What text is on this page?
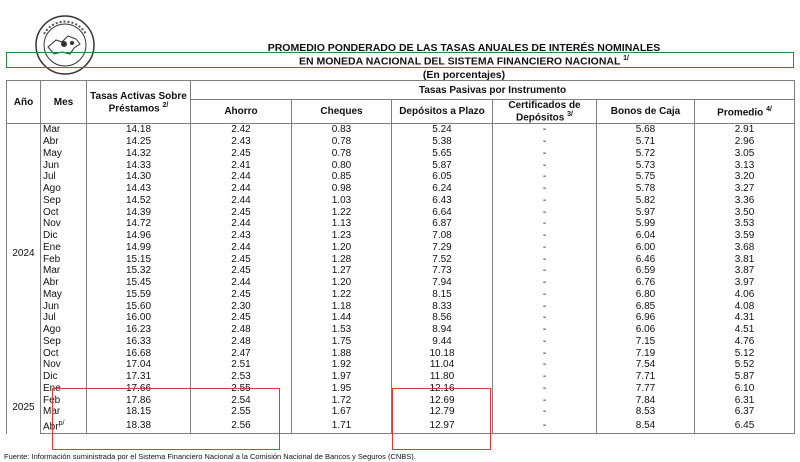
PROMEDIO PONDERADO DE LAS TASAS ANUALES DE INTERÉS NOMINALES
EN MONEDA NACIONAL DEL SISTEMA FINANCIERO NACIONAL $^{1/}$
(En porcentajes)
Año	Mes	Tasas Activas Sobre Préstamos $^{2/}$	Tasas Pasivas por Instrumento					
			Ahorro	Cheques	Depósitos a Plazo	Certificados de Depósitos $^{3/}$	Bonos de Caja	Promedio $^{4/}$
2024	Mar	14.18	2.42	0.83	5.24	-	5.68	2.91
	Abr	14.25	2.43	0.78	5.38	-	5.71	2.96
	May	14.32	2.45	0.78	5.65	-	5.72	3.05
	Jun	14.33	2.41	0.80	5.87	-	5.73	3.13
	Jul	14.30	2.44	0.85	6.05	-	5.75	3.20
	Ago	14.43	2.44	0.98	6.24	-	5.78	3.27
	Sep	14.52	2.44	1.03	6.43	-	5.82	3.36
	Oct	14.39	2.45	1.22	6.64	-	5.97	3.50
	Nov	14.72	2.44	1.13	6.87	-	5.99	3.53
	Dic	14.96	2.43	1.23	7.08	-	6.04	3.59
	Ene	14.99	2.44	1.20	7.29	-	6.00	3.68
	Feb	15.15	2.45	1.28	7.52	-	6.46	3.81
	Mar	15.32	2.45	1.27	7.73	-	6.59	3.87
	Abr	15.45	2.44	1.20	7.94	-	6.76	3.97
	May	15.59	2.45	1.22	8.15	-	6.80	4.06
	Jun	15.60	2.30	1.18	8.33	-	6.85	4.08
	Jul	16.00	2.45	1.44	8.56	-	6.96	4.31
	Ago	16.23	2.48	1.53	8.94	-	6.06	4.51
	Sep	16.33	2.48	1.75	9.44	-	7.15	4.76
	Oct	16.68	2.47	1.88	10.18	-	7.19	5.12
	Nov	17.04	2.51	1.92	11.04	-	7.54	5.52
	Dic	17.31	2.53	1.97	11.80	-	7.71	5.87
2025	Ene	17.66	2.55	1.95	12.16	-	7.77	6.10
	Feb	17.86	2.54	1.72	12.69	-	7.84	6.31
	Mar	18.15	2.55	1.67	12.79	-	8.53	6.37
	Abr$^{p/}$	18.38	2.56	1.71	12.97	-	8.54	6.45
Fuente: Información suministrada por el Sistema Financiero Nacional a la Comisión Nacional de Bancos y Seguros (CNBS).
